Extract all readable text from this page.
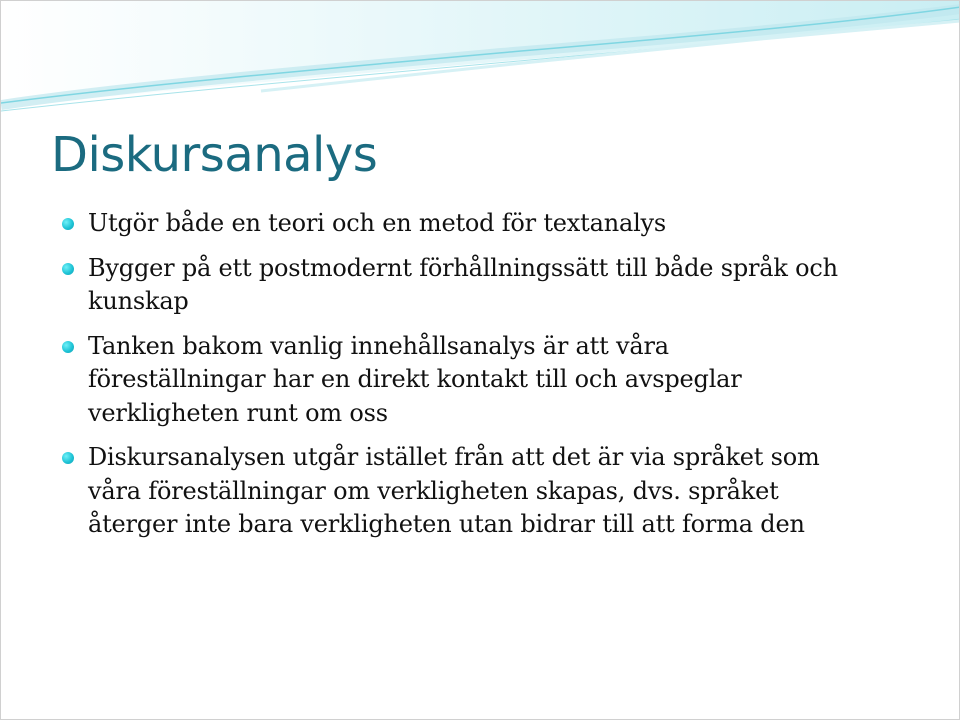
Diskursanalys
Utgör både en teori och en metod för textanalys
Bygger på ett postmodernt förhållningssätt till både språk och kunskap
Tanken bakom vanlig innehållsanalys är att våra föreställningar har en direkt kontakt till och avspeglar verkligheten runt om oss
Diskursanalysen utgår istället från att det är via språket som våra föreställningar om verkligheten skapas, dvs. språket återger inte bara verkligheten utan bidrar till att forma den
